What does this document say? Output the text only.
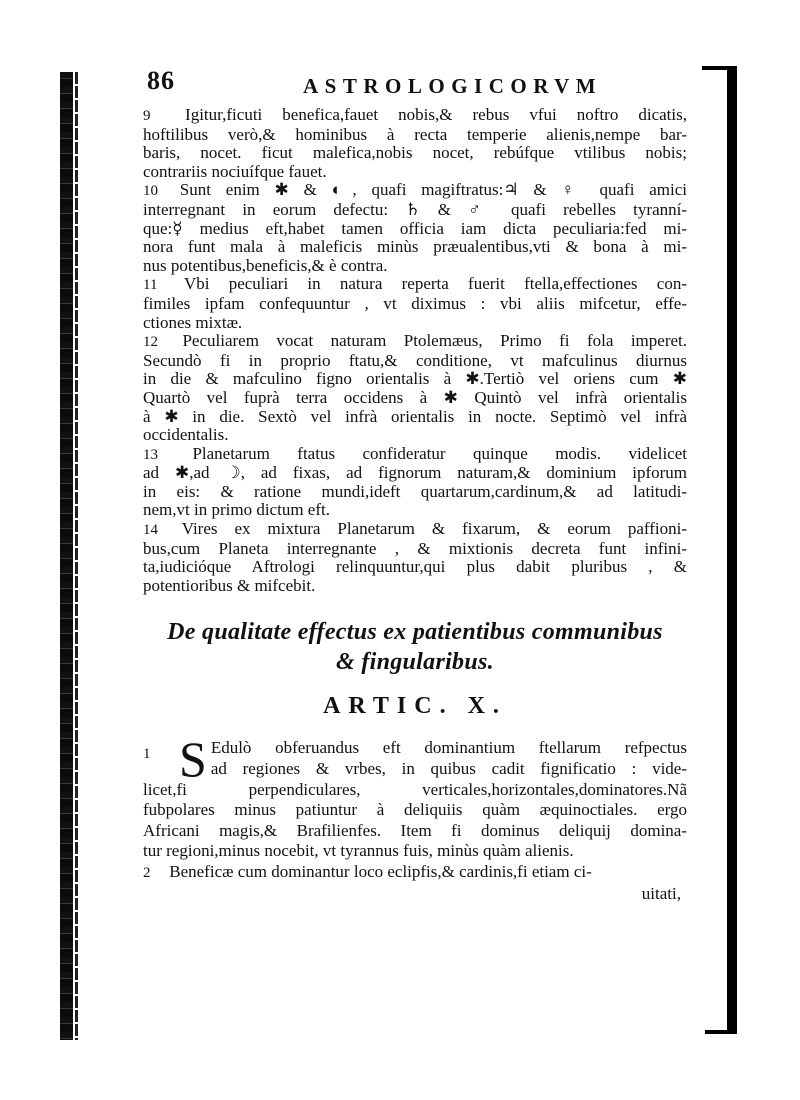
86	ASTROLOGICORVM
9 Igitur,ficuti benefica,fauet nobis,& rebus vfui noftro dicatis,
hoftilibus verò,& hominibus à recta temperie alienis,nempe bar-
baris, nocet. ficut malefica,nobis nocet, rebúfque vtilibus nobis;
contrariis nociuífque fauet.
10 Sunt enim ✱ & ◐, quafi magiftratus:♃ & ♀ quafi amici
interregnant in eorum defectu: ♄ & ♂ quafi rebelles tyranní-
que:☿ medius eft,habet tamen officia iam dicta peculiaria:fed mi-
nora funt mala à maleficis minùs præualentibus,vti & bona à mi-
nus potentibus,beneficis,& è contra.
11 Vbi peculiari in natura reperta fuerit ftella,effectiones con-
fimiles ipfam confequuntur , vt diximus : vbi aliis mifcetur, effe-
ctiones mixtæ.
12 Peculiarem vocat naturam Ptolemæus, Primo fi fola imperet.
Secundò fi in proprio ftatu,& conditione, vt mafculinus diurnus
in die & mafculino figno orientalis à ✱.Tertiò vel oriens cum ✱
Quartò vel fuprà terra occidens à ✱ Quintò vel infrà orientalis
à ✱ in die. Sextò vel infrà orientalis in nocte. Septimò vel infrà
occidentalis.
13 Planetarum ftatus confideratur quinque modis. videlicet
ad ✱,ad ☽, ad fixas, ad fignorum naturam,& dominium ipforum
in eis: & ratione mundi,ideft quartarum,cardinum,& ad latitudi-
nem,vt in primo dictum eft.
14 Vires ex mixtura Planetarum & fixarum, & eorum paffioni-
bus,cum Planeta interregnante , & mixtionis decreta funt infini-
ta,iudicióque Aftrologi relinquuntur,qui plus dabit pluribus , &
potentioribus & mifcebit.
De qualitate effectus ex patientibus communibus
& fingularibus.
ARTIC. X.
1 S Edulò obferuandus eft dominantium ftellarum refpectus
ad regiones & vrbes, in quibus cadit fignificatio : vide-
licet,fi perpendiculares, verticales,horizontales,dominatores.Nã
fubpolares minus patiuntur à deliquiis quàm æquinoctiales. ergo
Africani magis,& Brafilienfes. Item fi dominus deliquij domina-
tur regioni,minus nocebit, vt tyrannus fuis, minùs quàm alienis.
2 Beneficæ cum dominantur loco eclipfis,& cardinis,fi etiam ci-
uitati,
